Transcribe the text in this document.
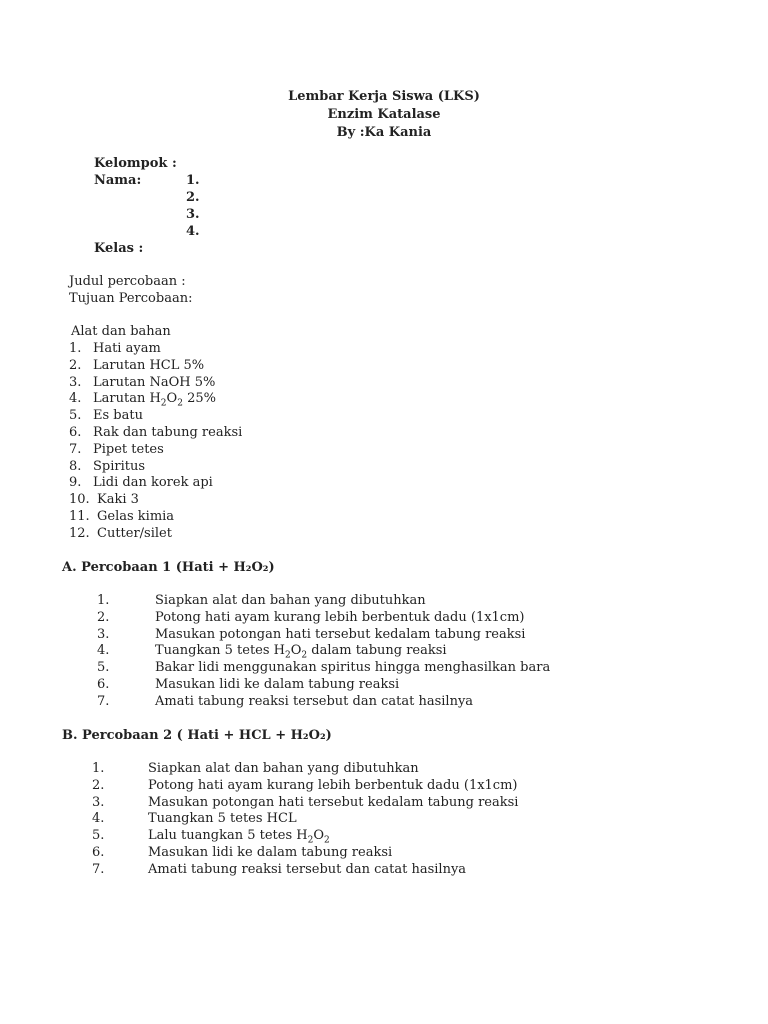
Lembar Kerja Siswa (LKS)
Enzim Katalase
By :Ka Kania
Kelompok :
Nama:	1.
2.
3.
4.
Kelas :
Judul percobaan :
Tujuan Percobaan:
Alat dan bahan
1. Hati ayam
2. Larutan HCL 5%
3. Larutan NaOH 5%
4. Larutan $H_2O_2$ 25%
5. Es batu
6. Rak dan tabung reaksi
7. Pipet tetes
8. Spiritus
9. Lidi dan korek api
10. Kaki 3
11. Gelas kimia
12. Cutter/silet
A. Percobaan 1 (Hati + H₂O₂)
1.	Siapkan alat dan bahan yang dibutuhkan
2.	Potong hati ayam kurang lebih berbentuk dadu (1x1cm)
3.	Masukan potongan hati tersebut kedalam tabung reaksi
4.	Tuangkan 5 tetes $H_2O_2$ dalam tabung reaksi
5.	Bakar lidi menggunakan spiritus hingga menghasilkan bara
6.	Masukan lidi ke dalam tabung reaksi
7.	Amati tabung reaksi tersebut dan catat hasilnya
B. Percobaan 2 ( Hati + HCL + H₂O₂)
1.	Siapkan alat dan bahan yang dibutuhkan
2.	Potong hati ayam kurang lebih berbentuk dadu (1x1cm)
3.	Masukan potongan hati tersebut kedalam tabung reaksi
4.	Tuangkan 5 tetes HCL
5.	Lalu tuangkan 5 tetes $H_2O_2$
6.	Masukan lidi ke dalam tabung reaksi
7.	Amati tabung reaksi tersebut dan catat hasilnya
